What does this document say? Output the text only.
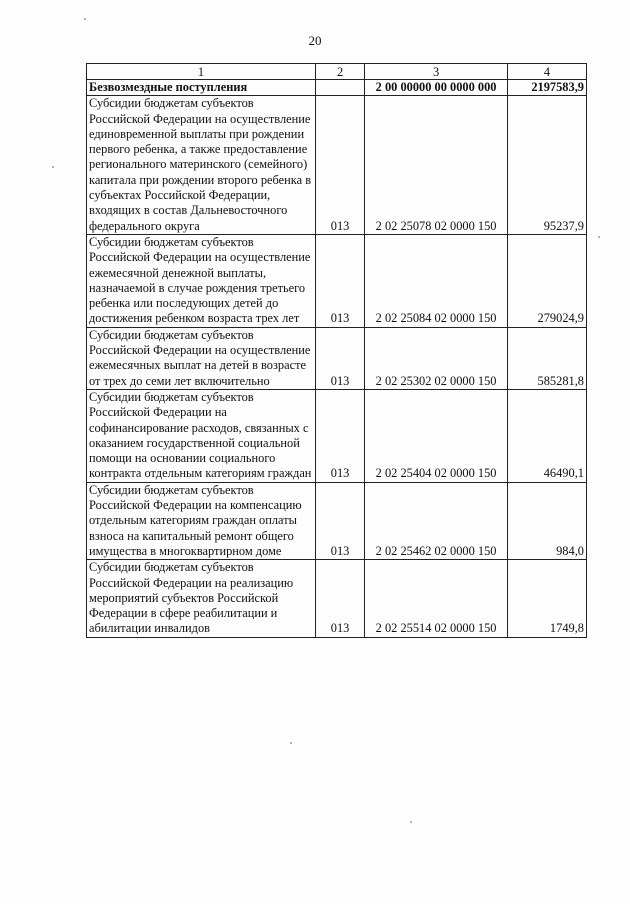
20
1	2	3	4
Безвозмездные поступления		2 00 00000 00 0000 000	2197583,9
Субсидии бюджетам субъектов Российской Федерации на осуществление единовременной выплаты при рождении первого ребенка, а также предоставление регионального материнского (семейного) капитала при рождении второго ребенка в субъектах Российской Федерации, входящих в состав Дальневосточного федерального округа	013	2 02 25078 02 0000 150	95237,9
Субсидии бюджетам субъектов Российской Федерации на осуществление ежемесячной денежной выплаты, назначаемой в случае рождения третьего ребенка или последующих детей до достижения ребенком возраста трех лет	013	2 02 25084 02 0000 150	279024,9
Субсидии бюджетам субъектов Российской Федерации на осуществление ежемесячных выплат на детей в возрасте от трех до семи лет включительно	013	2 02 25302 02 0000 150	585281,8
Субсидии бюджетам субъектов Российской Федерации на софинансирование расходов, связанных с оказанием государственной социальной помощи на основании социального контракта отдельным категориям граждан	013	2 02 25404 02 0000 150	46490,1
Субсидии бюджетам субъектов Российской Федерации на компенсацию отдельным категориям граждан оплаты взноса на капитальный ремонт общего имущества в многоквартирном доме	013	2 02 25462 02 0000 150	984,0
Субсидии бюджетам субъектов Российской Федерации на реализацию мероприятий субъектов Российской Федерации в сфере реабилитации и абилитации инвалидов	013	2 02 25514 02 0000 150	1749,8
